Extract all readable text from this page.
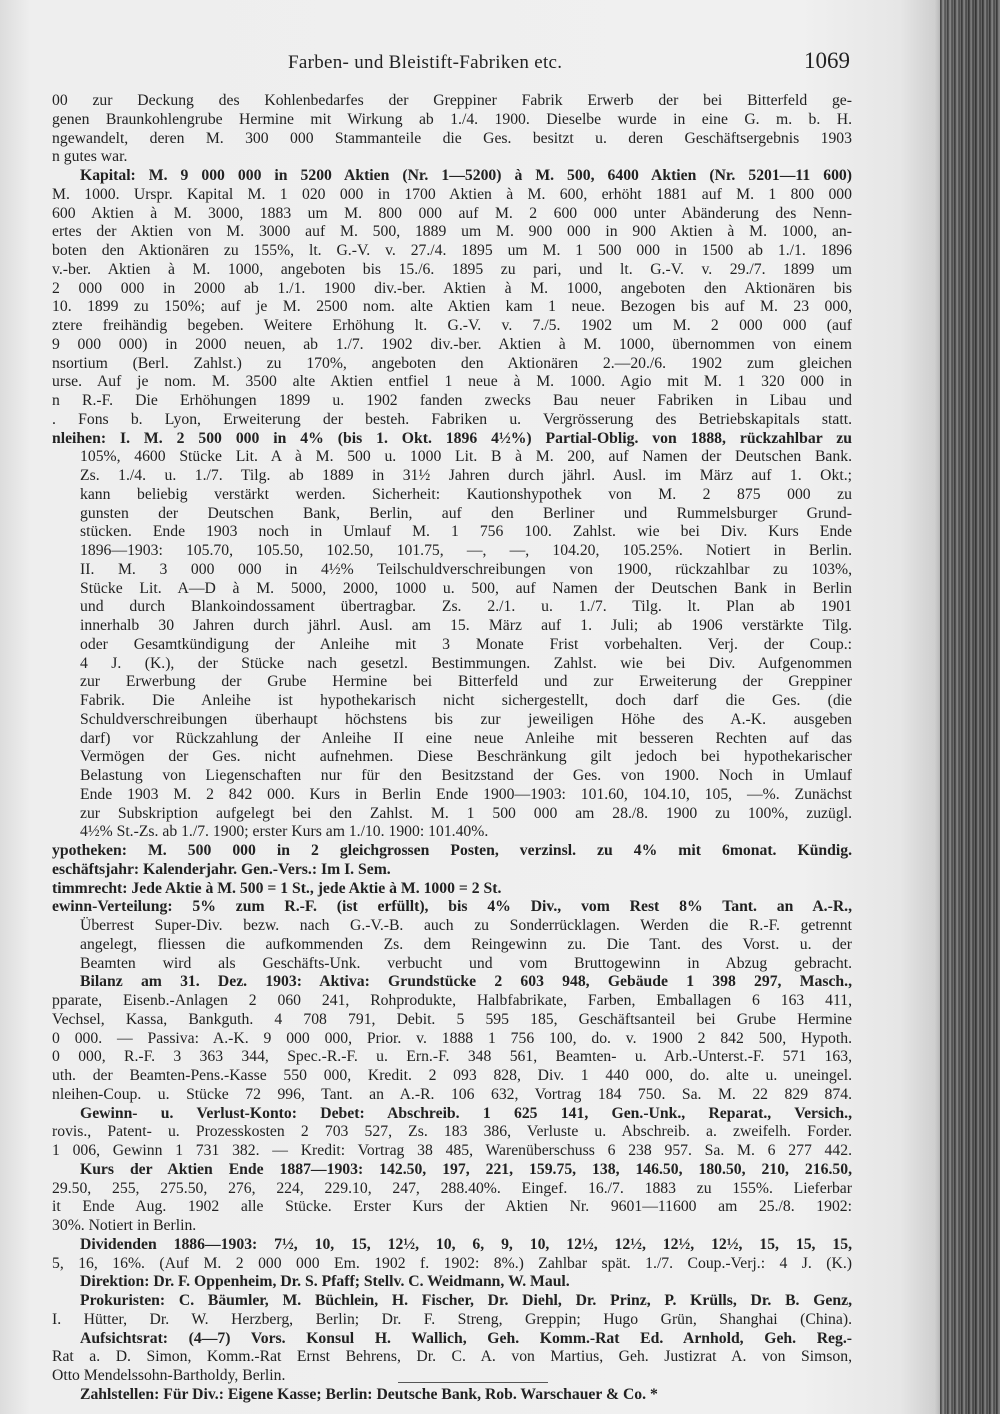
Farben- und Bleistift-Fabriken etc.	1069
00 zur Deckung des Kohlenbedarfes der Greppiner Fabrik Erwerb der bei Bitterfeld ge-
genen Braunkohlengrube Hermine mit Wirkung ab 1./4. 1900. Dieselbe wurde in eine G. m. b. H.
ngewandelt, deren M. 300 000 Stammanteile die Ges. besitzt u. deren Geschäftsergebnis 1903
n gutes war.
Kapital: M. 9 000 000 in 5200 Aktien (Nr. 1—5200) à M. 500, 6400 Aktien (Nr. 5201—11 600)
M. 1000. Urspr. Kapital M. 1 020 000 in 1700 Aktien à M. 600, erhöht 1881 auf M. 1 800 000
600 Aktien à M. 3000, 1883 um M. 800 000 auf M. 2 600 000 unter Abänderung des Nenn-
ertes der Aktien von M. 3000 auf M. 500, 1889 um M. 900 000 in 900 Aktien à M. 1000, an-
boten den Aktionären zu 155%, lt. G.-V. v. 27./4. 1895 um M. 1 500 000 in 1500 ab 1./1. 1896
v.-ber. Aktien à M. 1000, angeboten bis 15./6. 1895 zu pari, und lt. G.-V. v. 29./7. 1899 um
2 000 000 in 2000 ab 1./1. 1900 div.-ber. Aktien à M. 1000, angeboten den Aktionären bis
10. 1899 zu 150%; auf je M. 2500 nom. alte Aktien kam 1 neue. Bezogen bis auf M. 23 000,
ztere freihändig begeben. Weitere Erhöhung lt. G.-V. v. 7./5. 1902 um M. 2 000 000 (auf
9 000 000) in 2000 neuen, ab 1./7. 1902 div.-ber. Aktien à M. 1000, übernommen von einem
nsortium (Berl. Zahlst.) zu 170%, angeboten den Aktionären 2.—20./6. 1902 zum gleichen
urse. Auf je nom. M. 3500 alte Aktien entfiel 1 neue à M. 1000. Agio mit M. 1 320 000 in
n R.-F. Die Erhöhungen 1899 u. 1902 fanden zwecks Bau neuer Fabriken in Libau und
. Fons b. Lyon, Erweiterung der besteh. Fabriken u. Vergrösserung des Betriebskapitals statt.
nleihen: I. M. 2 500 000 in 4% (bis 1. Okt. 1896 4½%) Partial-Oblig. von 1888, rückzahlbar zu
105%, 4600 Stücke Lit. A à M. 500 u. 1000 Lit. B à M. 200, auf Namen der Deutschen Bank.
Zs. 1./4. u. 1./7. Tilg. ab 1889 in 31½ Jahren durch jährl. Ausl. im März auf 1. Okt.;
kann beliebig verstärkt werden. Sicherheit: Kautionshypothek von M. 2 875 000 zu
gunsten der Deutschen Bank, Berlin, auf den Berliner und Rummelsburger Grund-
stücken. Ende 1903 noch in Umlauf M. 1 756 100. Zahlst. wie bei Div. Kurs Ende
1896—1903: 105.70, 105.50, 102.50, 101.75, —, —, 104.20, 105.25%. Notiert in Berlin.
II. M. 3 000 000 in 4½% Teilschuldverschreibungen von 1900, rückzahlbar zu 103%,
Stücke Lit. A—D à M. 5000, 2000, 1000 u. 500, auf Namen der Deutschen Bank in Berlin
und durch Blankoindossament übertragbar. Zs. 2./1. u. 1./7. Tilg. lt. Plan ab 1901
innerhalb 30 Jahren durch jährl. Ausl. am 15. März auf 1. Juli; ab 1906 verstärkte Tilg.
oder Gesamtkündigung der Anleihe mit 3 Monate Frist vorbehalten. Verj. der Coup.:
4 J. (K.), der Stücke nach gesetzl. Bestimmungen. Zahlst. wie bei Div. Aufgenommen
zur Erwerbung der Grube Hermine bei Bitterfeld und zur Erweiterung der Greppiner
Fabrik. Die Anleihe ist hypothekarisch nicht sichergestellt, doch darf die Ges. (die
Schuldverschreibungen überhaupt höchstens bis zur jeweiligen Höhe des A.-K. ausgeben
darf) vor Rückzahlung der Anleihe II eine neue Anleihe mit besseren Rechten auf das
Vermögen der Ges. nicht aufnehmen. Diese Beschränkung gilt jedoch bei hypothekarischer
Belastung von Liegenschaften nur für den Besitzstand der Ges. von 1900. Noch in Umlauf
Ende 1903 M. 2 842 000. Kurs in Berlin Ende 1900—1903: 101.60, 104.10, 105, —%. Zunächst
zur Subskription aufgelegt bei den Zahlst. M. 1 500 000 am 28./8. 1900 zu 100%, zuzügl.
4½% St.-Zs. ab 1./7. 1900; erster Kurs am 1./10. 1900: 101.40%.
ypotheken: M. 500 000 in 2 gleichgrossen Posten, verzinsl. zu 4% mit 6monat. Kündig.
eschäftsjahr: Kalenderjahr. Gen.-Vers.: Im I. Sem.
timmrecht: Jede Aktie à M. 500 = 1 St., jede Aktie à M. 1000 = 2 St.
ewinn-Verteilung: 5% zum R.-F. (ist erfüllt), bis 4% Div., vom Rest 8% Tant. an A.-R.,
Überrest Super-Div. bezw. nach G.-V.-B. auch zu Sonderrücklagen. Werden die R.-F. getrennt
angelegt, fliessen die aufkommenden Zs. dem Reingewinn zu. Die Tant. des Vorst. u. der
Beamten wird als Geschäfts-Unk. verbucht und vom Bruttogewinn in Abzug gebracht.
Bilanz am 31. Dez. 1903: Aktiva: Grundstücke 2 603 948, Gebäude 1 398 297, Masch.,
pparate, Eisenb.-Anlagen 2 060 241, Rohprodukte, Halbfabrikate, Farben, Emballagen 6 163 411,
Vechsel, Kassa, Bankguth. 4 708 791, Debit. 5 595 185, Geschäftsanteil bei Grube Hermine
0 000. — Passiva: A.-K. 9 000 000, Prior. v. 1888 1 756 100, do. v. 1900 2 842 500, Hypoth.
0 000, R.-F. 3 363 344, Spec.-R.-F. u. Ern.-F. 348 561, Beamten- u. Arb.-Unterst.-F. 571 163,
uth. der Beamten-Pens.-Kasse 550 000, Kredit. 2 093 828, Div. 1 440 000, do. alte u. uneingel.
nleihen-Coup. u. Stücke 72 996, Tant. an A.-R. 106 632, Vortrag 184 750. Sa. M. 22 829 874.
Gewinn- u. Verlust-Konto: Debet: Abschreib. 1 625 141, Gen.-Unk., Reparat., Versich.,
rovis., Patent- u. Prozesskosten 2 703 527, Zs. 183 386, Verluste u. Abschreib. a. zweifelh. Forder.
1 006, Gewinn 1 731 382. — Kredit: Vortrag 38 485, Warenüberschuss 6 238 957. Sa. M. 6 277 442.
Kurs der Aktien Ende 1887—1903: 142.50, 197, 221, 159.75, 138, 146.50, 180.50, 210, 216.50,
29.50, 255, 275.50, 276, 224, 229.10, 247, 288.40%. Eingef. 16./7. 1883 zu 155%. Lieferbar
it Ende Aug. 1902 alle Stücke. Erster Kurs der Aktien Nr. 9601—11600 am 25./8. 1902:
30%. Notiert in Berlin.
Dividenden 1886—1903: 7½, 10, 15, 12½, 10, 6, 9, 10, 12½, 12½, 12½, 12½, 15, 15, 15,
5, 16, 16%. (Auf M. 2 000 000 Em. 1902 f. 1902: 8%.) Zahlbar spät. 1./7. Coup.-Verj.: 4 J. (K.)
Direktion: Dr. F. Oppenheim, Dr. S. Pfaff; Stellv. C. Weidmann, W. Maul.
Prokuristen: C. Bäumler, M. Büchlein, H. Fischer, Dr. Diehl, Dr. Prinz, P. Krülls, Dr. B. Genz,
I. Hütter, Dr. W. Herzberg, Berlin; Dr. F. Streng, Greppin; Hugo Grün, Shanghai (China).
Aufsichtsrat: (4—7) Vors. Konsul H. Wallich, Geh. Komm.-Rat Ed. Arnhold, Geh. Reg.-
Rat a. D. Simon, Komm.-Rat Ernst Behrens, Dr. C. A. von Martius, Geh. Justizrat A. von Simson,
Otto Mendelssohn-Bartholdy, Berlin.
Zahlstellen: Für Div.: Eigene Kasse; Berlin: Deutsche Bank, Rob. Warschauer & Co. *
